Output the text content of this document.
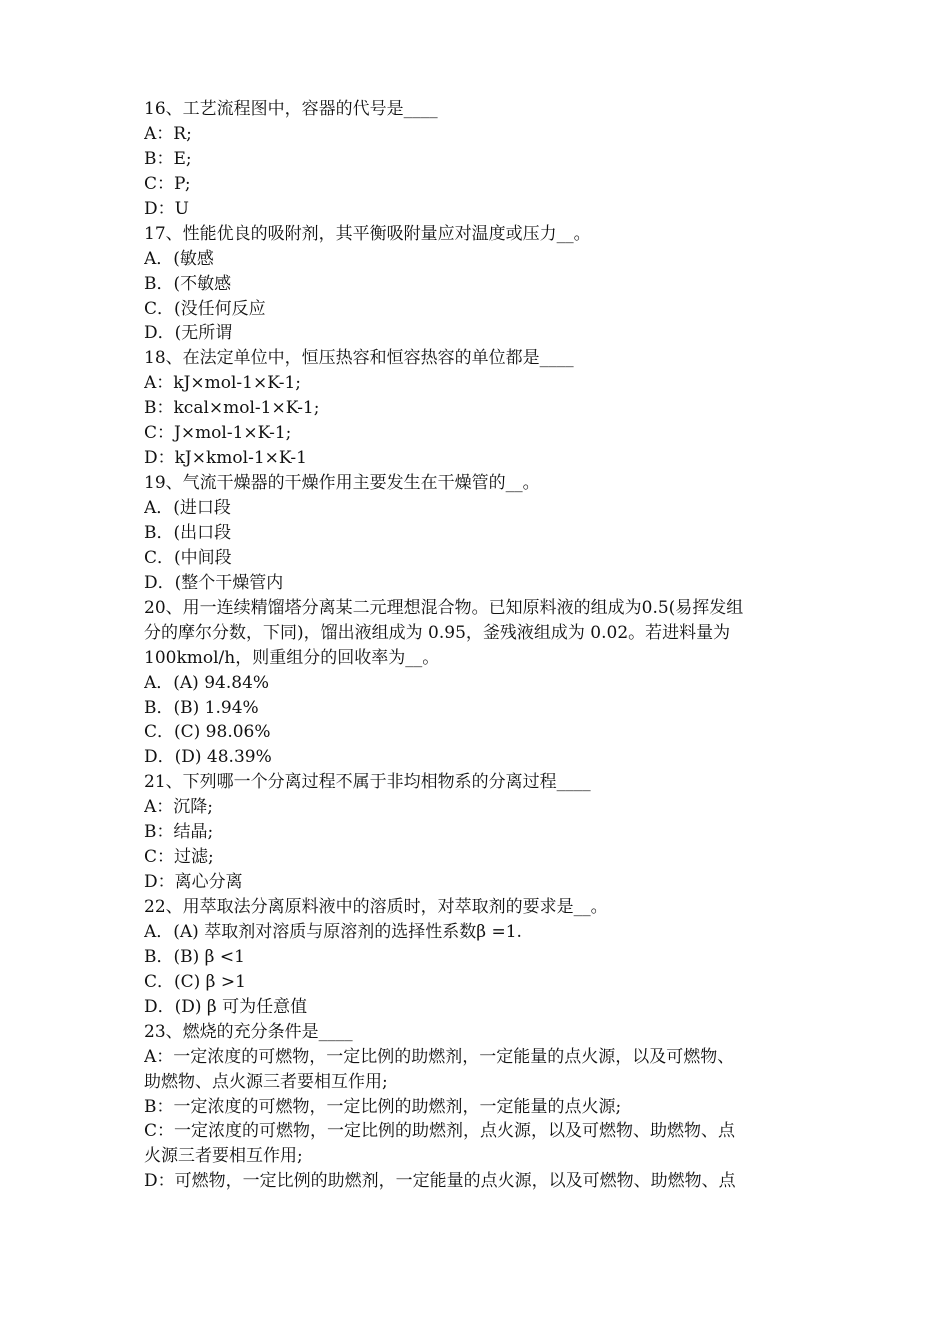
16、工艺流程图中，容器的代号是____
A：R;
B：E;
C：P;
D：U
17、性能优良的吸附剂，其平衡吸附量应对温度或压力__。
A．(敏感
B．(不敏感
C．(没任何反应
D．(无所谓
18、在法定单位中，恒压热容和恒容热容的单位都是____
A：kJ×mol-1×K-1;
B：kcal×mol-1×K-1;
C：J×mol-1×K-1;
D：kJ×kmol-1×K-1
19、气流干燥器的干燥作用主要发生在干燥管的__。
A．(进口段
B．(出口段
C．(中间段
D．(整个干燥管内
20、用一连续精馏塔分离某二元理想混合物。已知原料液的组成为0.5(易挥发组
分的摩尔分数，下同)，馏出液组成为 0.95，釜残液组成为 0.02。若进料量为
100kmol/h，则重组分的回收率为__。
A．(A) 94.84%
B．(B) 1.94%
C．(C) 98.06%
D．(D) 48.39%
21、下列哪一个分离过程不属于非均相物系的分离过程____
A：沉降;
B：结晶;
C：过滤;
D：离心分离
22、用萃取法分离原料液中的溶质时，对萃取剂的要求是__。
A．(A) 萃取剂对溶质与原溶剂的选择性系数β =1.
B．(B) β <1
C．(C) β >1
D．(D) β 可为任意值
23、燃烧的充分条件是____
A：一定浓度的可燃物，一定比例的助燃剂，一定能量的点火源，以及可燃物、
助燃物、点火源三者要相互作用;
B：一定浓度的可燃物，一定比例的助燃剂，一定能量的点火源;
C：一定浓度的可燃物，一定比例的助燃剂，点火源，以及可燃物、助燃物、点
火源三者要相互作用;
D：可燃物，一定比例的助燃剂，一定能量的点火源，以及可燃物、助燃物、点
